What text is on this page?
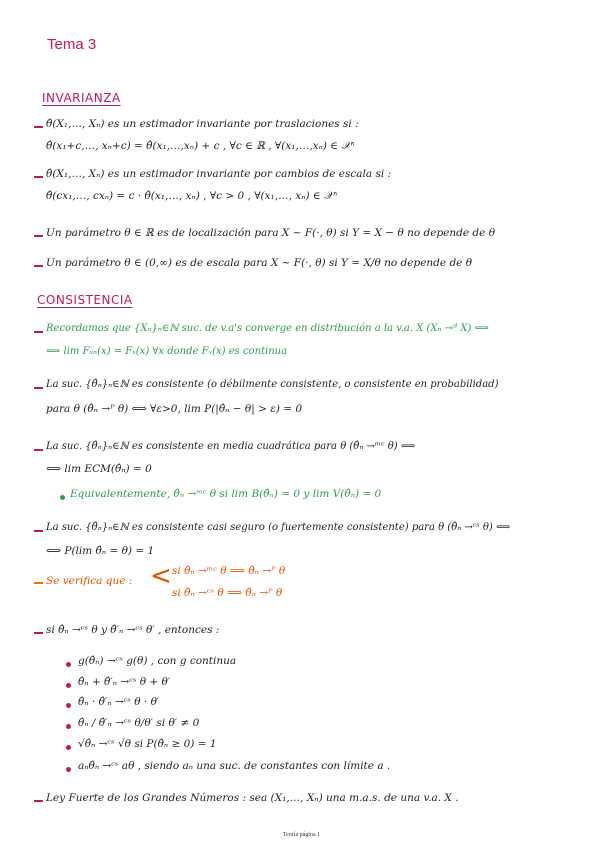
Tema 3
INVARIANZA
θ̂(X₁,…, Xₙ) es un estimador invariante por traslaciones si :
θ̂(x₁+c,…, xₙ+c) = θ̂(x₁,…,xₙ) + c , ∀c ∈ ℝ , ∀(x₁,…,xₙ) ∈ 𝒳ⁿ
θ̂(X₁,…, Xₙ) es un estimador invariante por cambios de escala si :
θ̂(cx₁,…, cxₙ) = c · θ̂(x₁,…, xₙ) , ∀c > 0 , ∀(x₁,…, xₙ) ∈ 𝒳ⁿ
Un parámetro θ ∈ ℝ es de localización para X ~ F(·, θ) si Y = X − θ no depende de θ
Un parámetro θ ∈ (0,∞) es de escala para X ~ F(·, θ) si Y = X/θ no depende de θ
CONSISTENCIA
Recordamos que {Xₙ}ₙ∈ℕ suc. de v.a's converge en distribución a la v.a. X (Xₙ →ᵈ X) ⟺
⟺ lim Fₓₙ(x) = Fₓ(x) ∀x donde Fₓ(x) es continua
La suc. {θ̂ₙ}ₙ∈ℕ es consistente (o débilmente consistente, o consistente en probabilidad)
para θ (θ̂ₙ →ᴾ θ) ⟺ ∀ε>0, lim P(|θ̂ₙ − θ| > ε) = 0
La suc. {θ̂ₙ}ₙ∈ℕ es consistente en media cuadrática para θ (θ̂ₙ →ᵐᶜ θ) ⟺
⟺ lim ECM(θ̂ₙ) = 0
Equivalentemente, θ̂ₙ →ᵐᶜ θ si lim B(θ̂ₙ) = 0 y lim V(θ̂ₙ) = 0
La suc. {θ̂ₙ}ₙ∈ℕ es consistente casi seguro (o fuertemente consistente) para θ (θ̂ₙ →ᶜˢ θ) ⟺
⟺ P(lim θ̂ₙ = θ) = 1
Se verifica que : < si θ̂ₙ →ᵐᶜ θ ⟹ θ̂ₙ →ᴾ θ
si θ̂ₙ →ᶜˢ θ ⟹ θ̂ₙ →ᴾ θ
si θ̂ₙ →ᶜˢ θ y θ̂′ₙ →ᶜˢ θ′ , entonces :
g(θ̂ₙ) →ᶜˢ g(θ) , con g continua
θ̂ₙ + θ̂′ₙ →ᶜˢ θ + θ′
θ̂ₙ · θ̂′ₙ →ᶜˢ θ · θ′
θ̂ₙ / θ̂′ₙ →ᶜˢ θ/θ′ si θ′ ≠ 0
√θ̂ₙ →ᶜˢ √θ si P(θ̂ₙ ≥ 0) = 1
aₙθ̂ₙ →ᶜˢ aθ , siendo aₙ una suc. de constantes con límite a .
Ley Fuerte de los Grandes Números : sea (X₁,…, Xₙ) una m.a.s. de una v.a. X .
Teoría página 1
